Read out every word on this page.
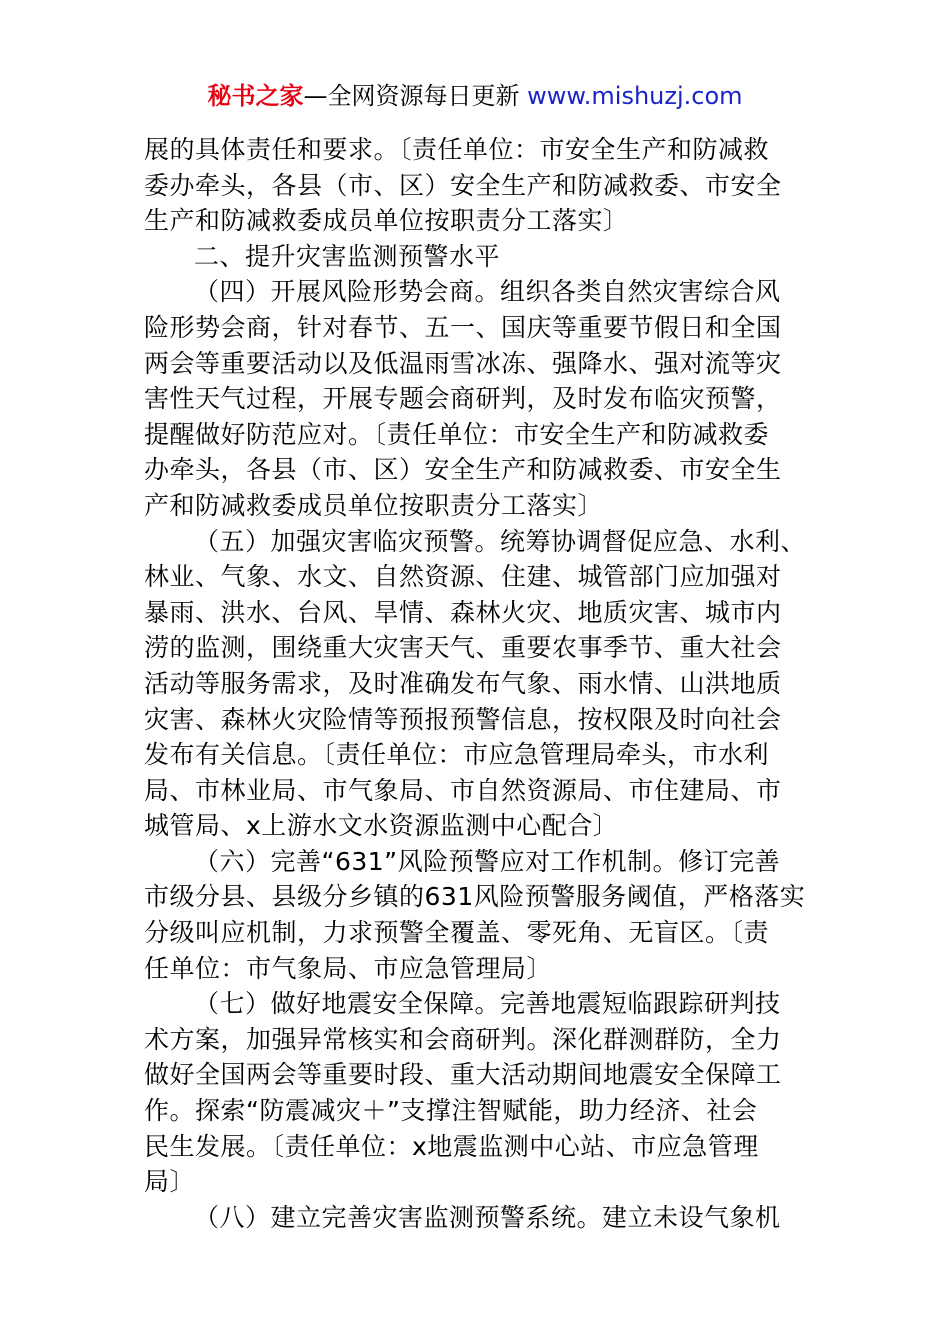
秘书之家—全网资源每日更新 www.mishuzj.com
展的具体责任和要求。〔责任单位：市安全生产和防减救
委办牵头，各县（市、区）安全生产和防减救委、市安全
生产和防减救委成员单位按职责分工落实〕
二、提升灾害监测预警水平
（四）开展风险形势会商。组织各类自然灾害综合风
险形势会商，针对春节、五一、国庆等重要节假日和全国
两会等重要活动以及低温雨雪冰冻、强降水、强对流等灾
害性天气过程，开展专题会商研判，及时发布临灾预警，
提醒做好防范应对。〔责任单位：市安全生产和防减救委
办牵头，各县（市、区）安全生产和防减救委、市安全生
产和防减救委成员单位按职责分工落实〕
（五）加强灾害临灾预警。统筹协调督促应急、水利、
林业、气象、水文、自然资源、住建、城管部门应加强对
暴雨、洪水、台风、旱情、森林火灾、地质灾害、城市内
涝的监测，围绕重大灾害天气、重要农事季节、重大社会
活动等服务需求，及时准确发布气象、雨水情、山洪地质
灾害、森林火灾险情等预报预警信息，按权限及时向社会
发布有关信息。〔责任单位：市应急管理局牵头，市水利
局、市林业局、市气象局、市自然资源局、市住建局、市
城管局、x上游水文水资源监测中心配合〕
（六）完善“631”风险预警应对工作机制。修订完善
市级分县、县级分乡镇的631风险预警服务阈值，严格落实
分级叫应机制，力求预警全覆盖、零死角、无盲区。〔责
任单位：市气象局、市应急管理局〕
（七）做好地震安全保障。完善地震短临跟踪研判技
术方案，加强异常核实和会商研判。深化群测群防，全力
做好全国两会等重要时段、重大活动期间地震安全保障工
作。探索“防震减灾＋”支撑注智赋能，助力经济、社会
民生发展。〔责任单位：x地震监测中心站、市应急管理
局〕
（八）建立完善灾害监测预警系统。建立未设气象机
